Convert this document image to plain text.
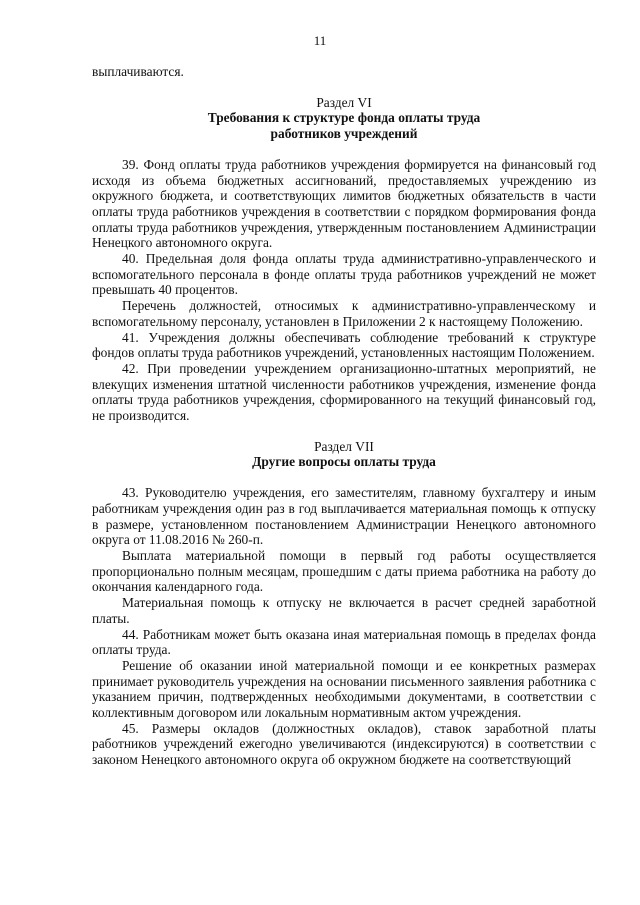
11

выплачиваются.

Раздел VI
Требования к структуре фонда оплаты труда
работников учреждений

39. Фонд оплаты труда работников учреждения формируется на финансовый год исходя из объема бюджетных ассигнований, предоставляемых учреждению из окружного бюджета, и соответствующих лимитов бюджетных обязательств в части оплаты труда работников учреждения в соответствии с порядком формирования фонда оплаты труда работников учреждения, утвержденным постановлением Администрации Ненецкого автономного округа.

40. Предельная доля фонда оплаты труда административно-управленческого и вспомогательного персонала в фонде оплаты труда работников учреждений не может превышать 40 процентов.

Перечень должностей, относимых к административно-управленческому и вспомогательному персоналу, установлен в Приложении 2 к настоящему Положению.

41. Учреждения должны обеспечивать соблюдение требований к структуре фондов оплаты труда работников учреждений, установленных настоящим Положением.

42. При проведении учреждением организационно-штатных мероприятий, не влекущих изменения штатной численности работников учреждения, изменение фонда оплаты труда работников учреждения, сформированного на текущий финансовый год, не производится.

Раздел VII
Другие вопросы оплаты труда

43. Руководителю учреждения, его заместителям, главному бухгалтеру и иным работникам учреждения один раз в год выплачивается материальная помощь к отпуску в размере, установленном постановлением Администрации Ненецкого автономного округа от 11.08.2016 № 260-п.

Выплата материальной помощи в первый год работы осуществляется пропорционально полным месяцам, прошедшим с даты приема работника на работу до окончания календарного года.

Материальная помощь к отпуску не включается в расчет средней заработной платы.

44. Работникам может быть оказана иная материальная помощь в пределах фонда оплаты труда.

Решение об оказании иной материальной помощи и ее конкретных размерах принимает руководитель учреждения на основании письменного заявления работника с указанием причин, подтвержденных необходимыми документами, в соответствии с коллективным договором или локальным нормативным актом учреждения.

45. Размеры окладов (должностных окладов), ставок заработной платы работников учреждений ежегодно увеличиваются (индексируются) в соответствии с законом Ненецкого автономного округа об окружном бюджете на соответствующий
